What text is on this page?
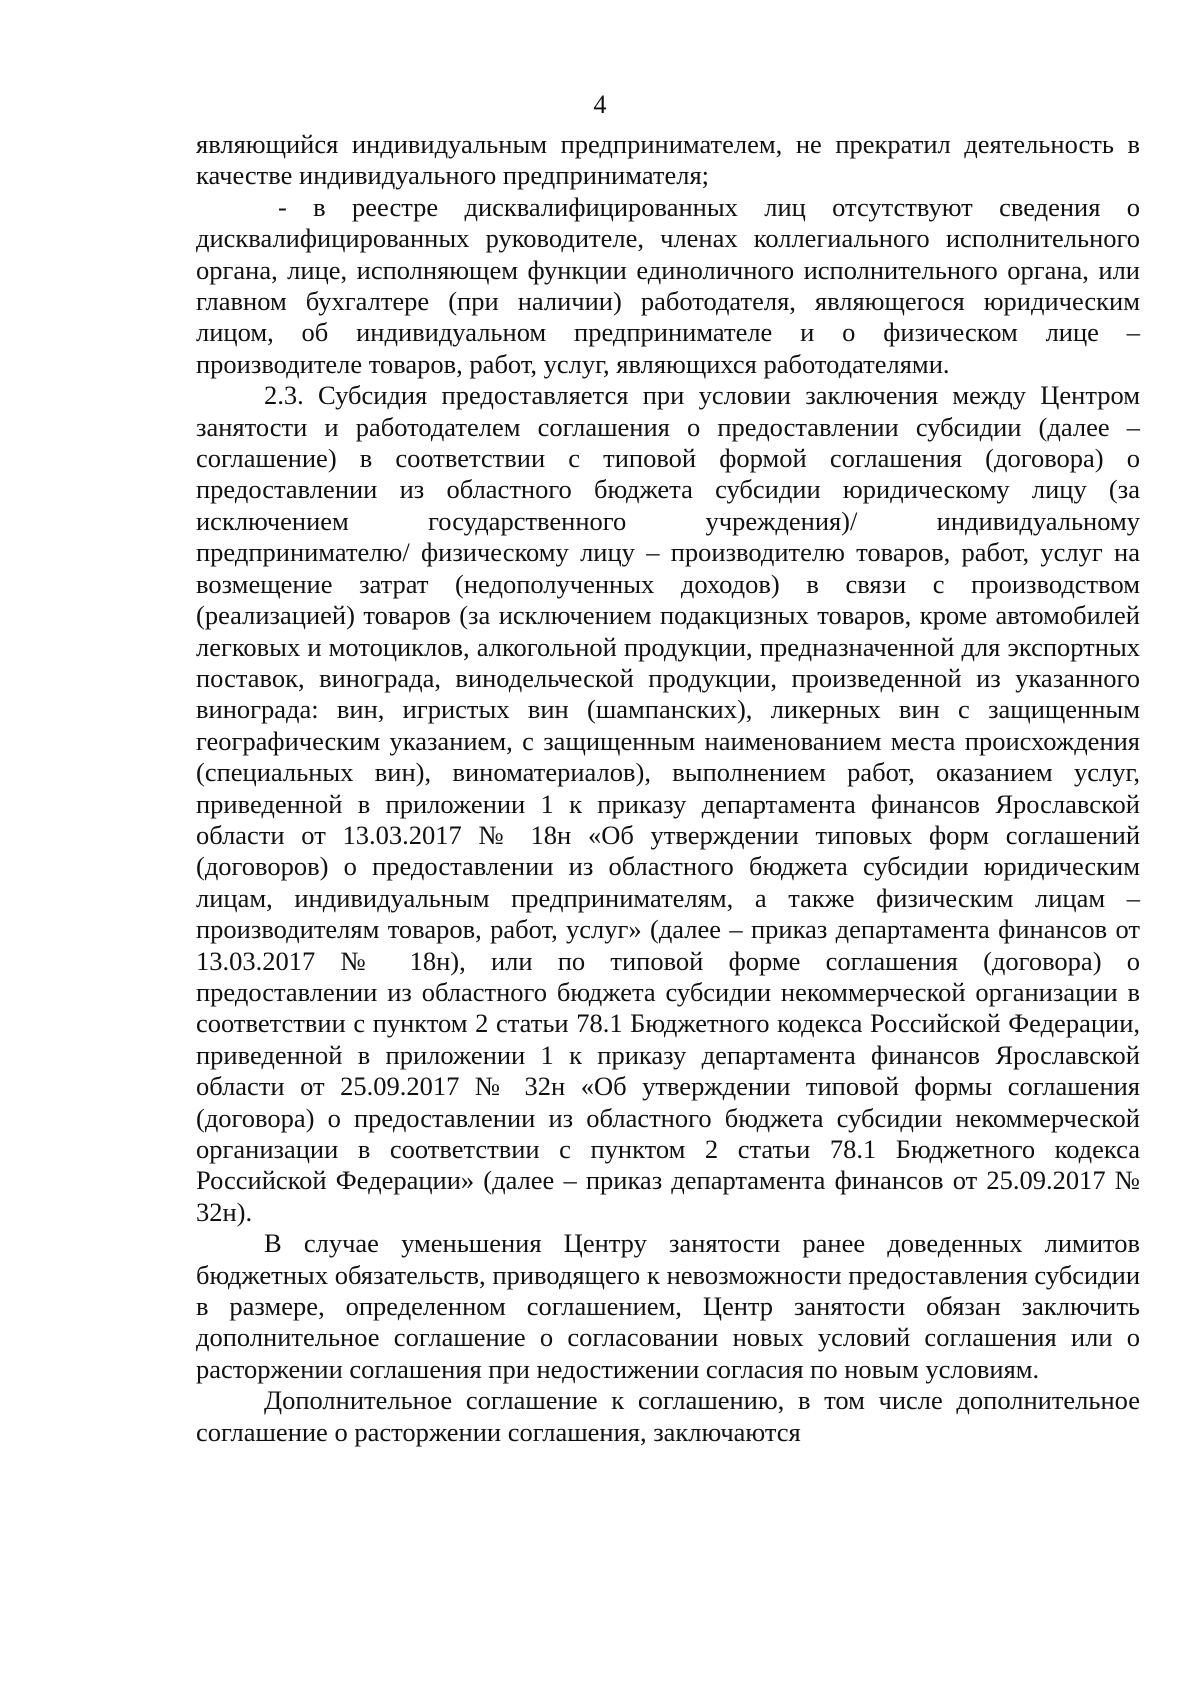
4

являющийся индивидуальным предпринимателем, не прекратил деятельность в качестве индивидуального предпринимателя;

- в реестре дисквалифицированных лиц отсутствуют сведения о дисквалифицированных руководителе, членах коллегиального исполнительного органа, лице, исполняющем функции единоличного исполнительного органа, или главном бухгалтере (при наличии) работодателя, являющегося юридическим лицом, об индивидуальном предпринимателе и о физическом лице – производителе товаров, работ, услуг, являющихся работодателями.

2.3. Субсидия предоставляется при условии заключения между Центром занятости и работодателем соглашения о предоставлении субсидии (далее – соглашение) в соответствии с типовой формой соглашения (договора) о предоставлении из областного бюджета субсидии юридическому лицу (за исключением государственного учреждения)/ индивидуальному предпринимателю/ физическому лицу – производителю товаров, работ, услуг на возмещение затрат (недополученных доходов) в связи с производством (реализацией) товаров (за исключением подакцизных товаров, кроме автомобилей легковых и мотоциклов, алкогольной продукции, предназначенной для экспортных поставок, винограда, винодельческой продукции, произведенной из указанного винограда: вин, игристых вин (шампанских), ликерных вин с защищенным географическим указанием, с защищенным наименованием места происхождения (специальных вин), виноматериалов), выполнением работ, оказанием услуг, приведенной в приложении 1 к приказу департамента финансов Ярославской области от 13.03.2017 № 18н «Об утверждении типовых форм соглашений (договоров) о предоставлении из областного бюджета субсидии юридическим лицам, индивидуальным предпринимателям, а также физическим лицам – производителям товаров, работ, услуг» (далее – приказ департамента финансов от 13.03.2017 № 18н), или по типовой форме соглашения (договора) о предоставлении из областного бюджета субсидии некоммерческой организации в соответствии с пунктом 2 статьи 78.1 Бюджетного кодекса Российской Федерации, приведенной в приложении 1 к приказу департамента финансов Ярославской области от 25.09.2017 № 32н «Об утверждении типовой формы соглашения (договора) о предоставлении из областного бюджета субсидии некоммерческой организации в соответствии с пунктом 2 статьи 78.1 Бюджетного кодекса Российской Федерации» (далее – приказ департамента финансов от 25.09.2017 № 32н).

В случае уменьшения Центру занятости ранее доведенных лимитов бюджетных обязательств, приводящего к невозможности предоставления субсидии в размере, определенном соглашением, Центр занятости обязан заключить дополнительное соглашение о согласовании новых условий соглашения или о расторжении соглашения при недостижении согласия по новым условиям.

Дополнительное соглашение к соглашению, в том числе дополнительное соглашение о расторжении соглашения, заключаются
